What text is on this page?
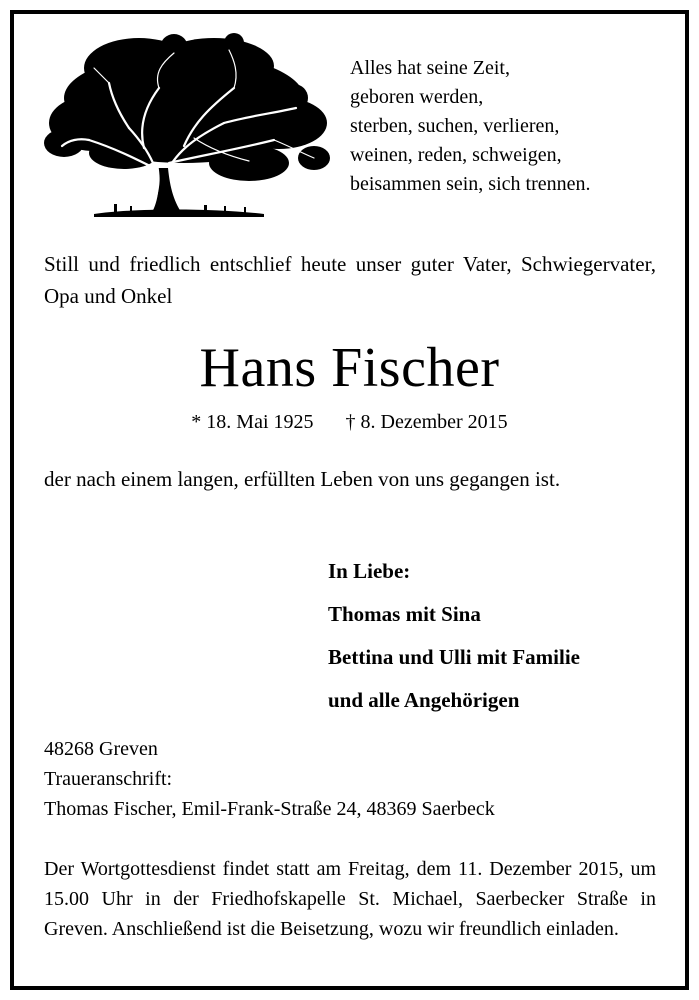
Alles hat seine Zeit,
geboren werden,
sterben, suchen, verlieren,
weinen, reden, schweigen,
beisammen sein, sich trennen.
Still und friedlich entschlief heute unser guter Vater, Schwiegervater, Opa und Onkel
Hans Fischer
* 18. Mai 1925 † 8. Dezember 2015
der nach einem langen, erfüllten Leben von uns gegangen ist.
In Liebe:
Thomas mit Sina
Bettina und Ulli mit Familie
und alle Angehörigen
48268 Greven
Traueranschrift:
Thomas Fischer, Emil-Frank-Straße 24, 48369 Saerbeck
Der Wortgottesdienst findet statt am Freitag, dem 11. Dezember 2015, um 15.00 Uhr in der Friedhofskapelle St. Michael, Saerbecker Straße in Greven. Anschließend ist die Beisetzung, wozu wir freundlich einladen.
